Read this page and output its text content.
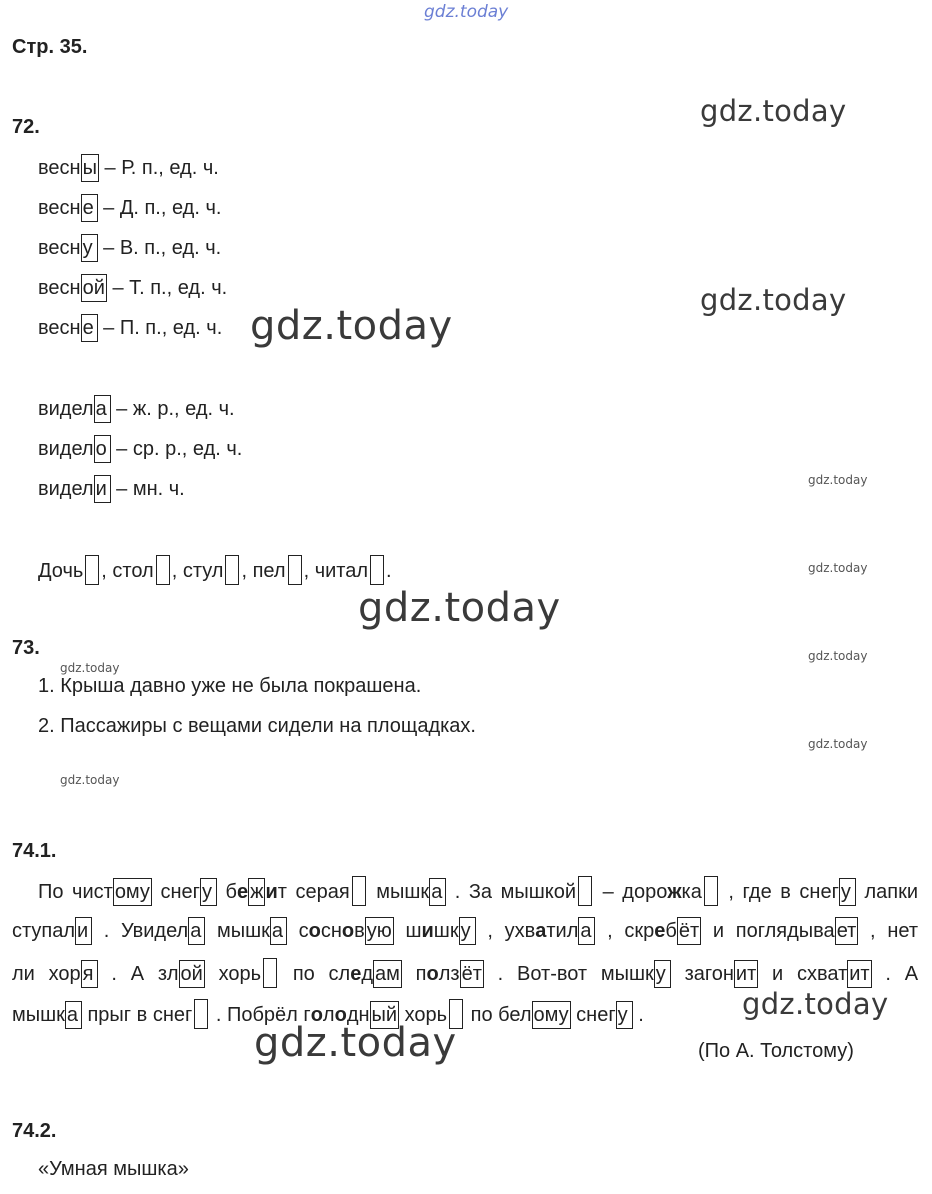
gdz.today
gdz.today
gdz.today
gdz.today
gdz.today
gdz.today
gdz.today
gdz.today
gdz.today
gdz.today
gdz.today
gdz.today
gdz.today
Стр. 35.
72.
весн ы – Р. п., ед. ч.
весн е – Д. п., ед. ч.
весн у – В. п., ед. ч.
весн ой – Т. п., ед. ч.
весн е – П. п., ед. ч.
видел а – ж. р., ед. ч.
видел о – ср. р., ед. ч.
видел и – мн. ч.
Дочь , стол , стул , пел , читал .
73.
1. Крыша давно уже не была покрашена.
2. Пассажиры с вещами сидели на площадках.
74.1.
По чист ому снег у бе ж ит серая мышк а . За мышкой – дорожка , где в снег у лапки
ступал и . Увидел а мышк а соснов ую шишк у , ухватил а , скреб ёт и поглядыва ет , нет
ли хор я . А зл ой хорь по след ам полз ёт . Вот-вот мышк у загон ит и схват ит . А
мышк а прыг в снег . Побрёл голодн ый хорь по бел ому снег у .
(По А. Толстому)
74.2.
«Умная мышка»
